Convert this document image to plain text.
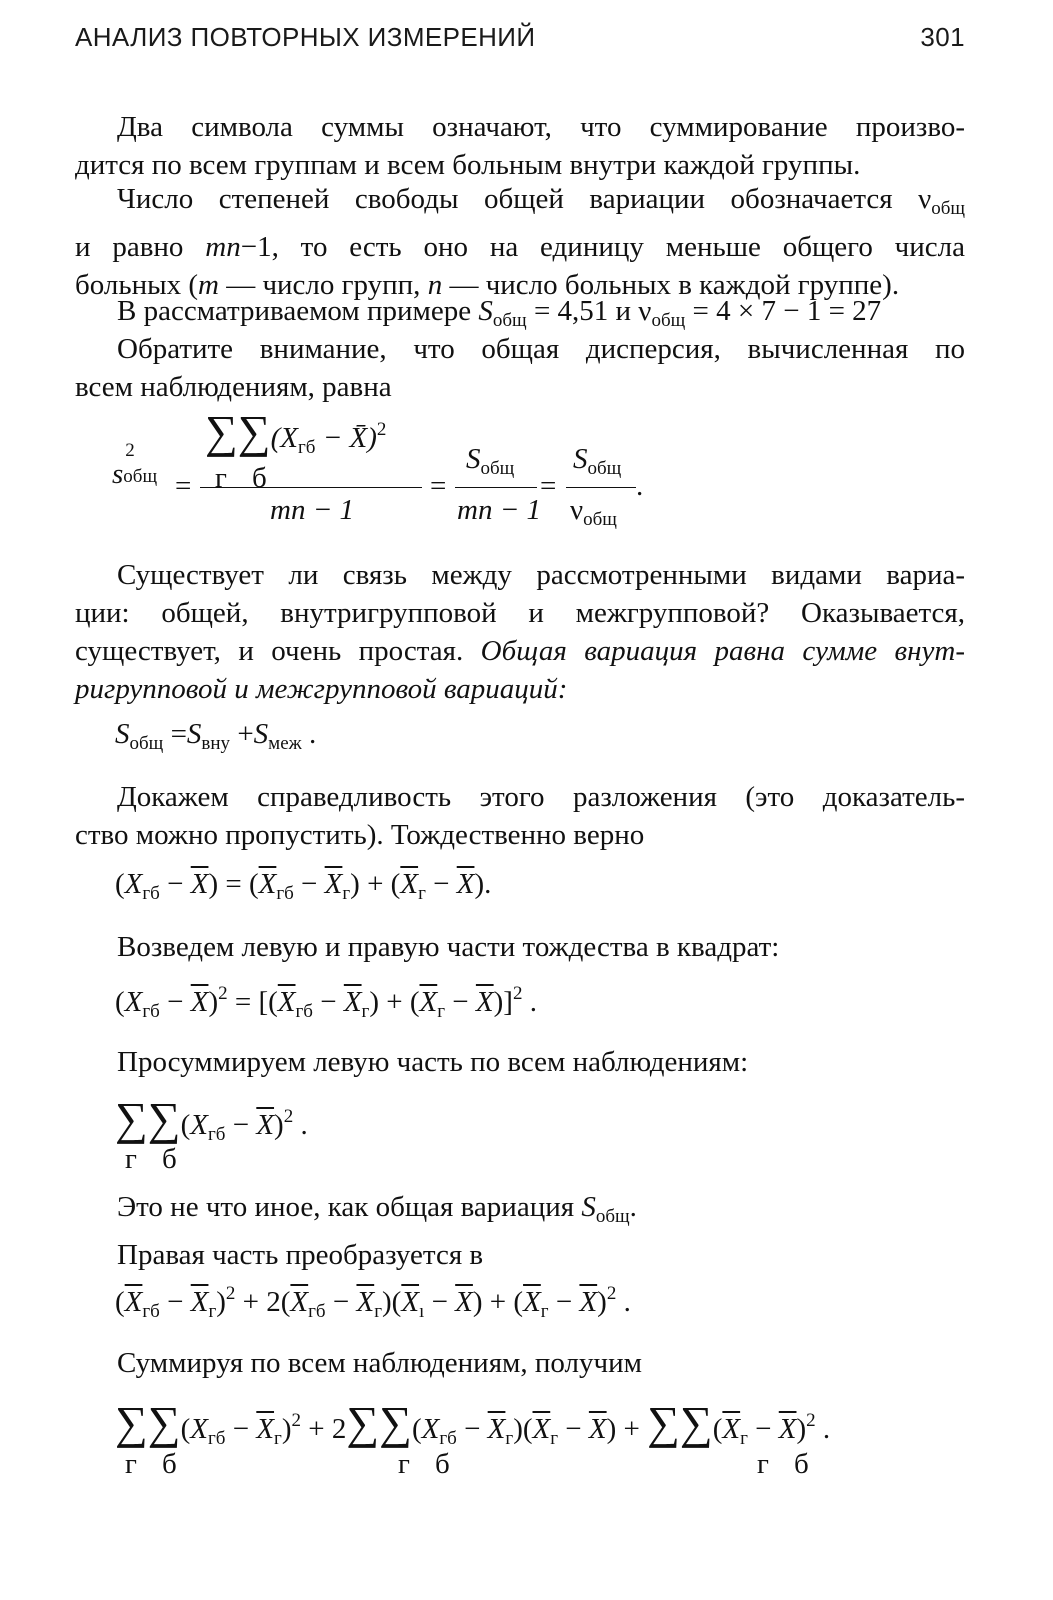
АНАЛИЗ ПОВТОРНЫХ ИЗМЕРЕНИЙ	301
Два символа суммы означают, что суммирование произво-
дится по всем группам и всем больным внутри каждой группы.
Число степеней свободы общей вариации обозначается $\nu_{общ}$
и равно mn−1, то есть оно на единицу меньше общего числа
больных (m — число групп, n — число больных в каждой группе).
В рассматриваемом примере $S_{общ} = 4,51$ и $\nu_{общ} = 4 \times 7 - 1 = 27$
Обратите внимание, что общая дисперсия, вычисленная по
всем наблюдениям, равна
s
2
общ =
$\sum\sum(X_{гб}$ − X̄)$^2$
г б
mn − 1
=
$S_{общ}$
mn − 1
=
$S_{общ}$
$\nu_{общ}$
.
Существует ли связь между рассмотренными видами вариа-
ции: общей, внутригрупповой и межгрупповой? Оказывается,
существует, и очень простая. Общая вариация равна сумме внут-
ригрупповой и межгрупповой вариаций:
$S_{общ} =S_{вну} +S_{меж}$ .
Докажем справедливость этого разложения (это доказатель-
ство можно пропустить). Тождественно верно
$(X_{гб} - \overline{X}) = (\overline{X}_{гб} - \overline{X}_г) + (\overline{X}_г - \overline{X})$.
Возведем левую и правую части тождества в квадрат:
$(X_{гб} - \overline{X})^2 = [(\overline{X}_{гб} - \overline{X}_г) + (\overline{X}_г - \overline{X})]^2$ .
Просуммируем левую часть по всем наблюдениям:
$\sum\sum(X_{гб} - \overline{X})^2$ .
г б
Это не что иное, как общая вариация $S_{общ}$.
Правая часть преобразуется в
$(\overline{X}_{гб} - \overline{X}_г)^2 + 2(\overline{X}_{гб} - \overline{X}_г)(\overline{X}_ı - \overline{X}) + (\overline{X}_г - \overline{X})^2$ .
Суммируя по всем наблюдениям, получим
$\sum\sum(X_{гб} - \overline{X}_г)^2 + 2\sum\sum(X_{гб} - \overline{X}_г)(\overline{X}_г - \overline{X}) + \sum\sum(\overline{X}_г - \overline{X})^2$ .
г б	г б	г б
